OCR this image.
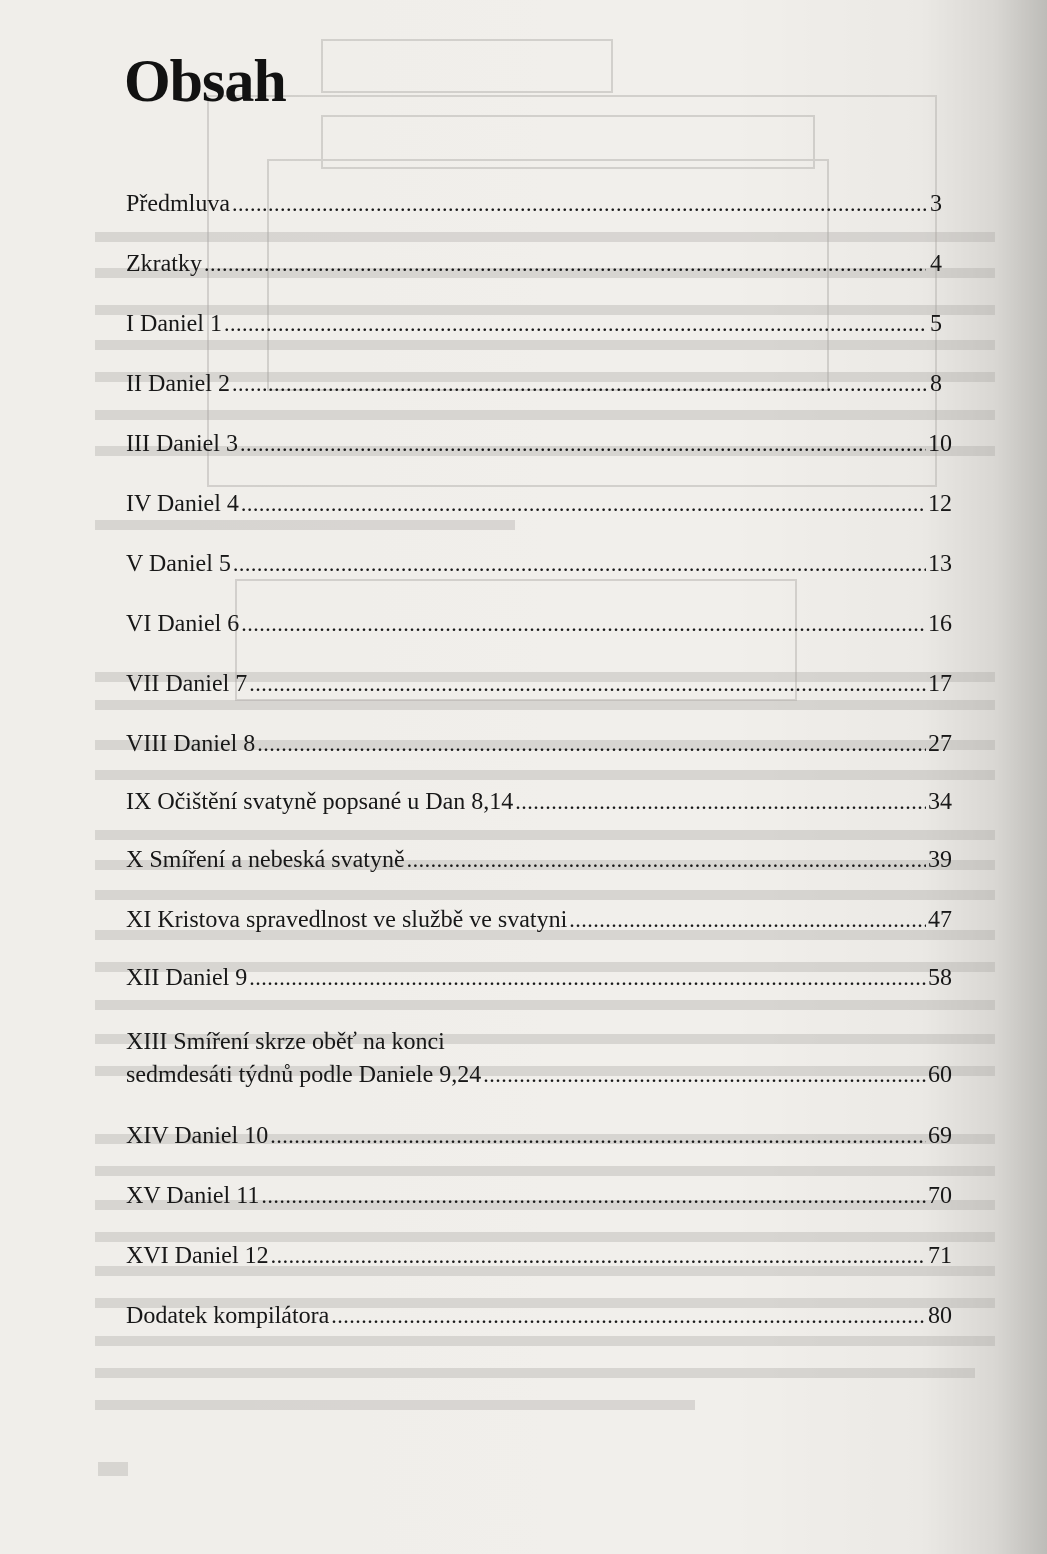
Obsah
Předmluva .....	3
Zkratky .....	4
I Daniel 1 .....	5
II Daniel 2 .....	8
III Daniel 3 .....	10
IV Daniel 4 .....	12
V Daniel 5 .....	13
VI Daniel 6 .....	16
VII Daniel 7 .....	17
VIII Daniel 8 .....	27
IX Očištění svatyně popsané u Dan 8,14 .....	34
X Smíření a nebeská svatyně .....	39
XI Kristova spravedlnost ve službě ve svatyni .....	47
XII Daniel 9 .....	58
XIII Smíření skrze oběť na konci
sedmdesáti týdnů podle Daniele 9,24 .....	60
XIV Daniel 10 .....	69
XV Daniel 11 .....	70
XVI Daniel 12 .....	71
Dodatek kompilátora .....	80
